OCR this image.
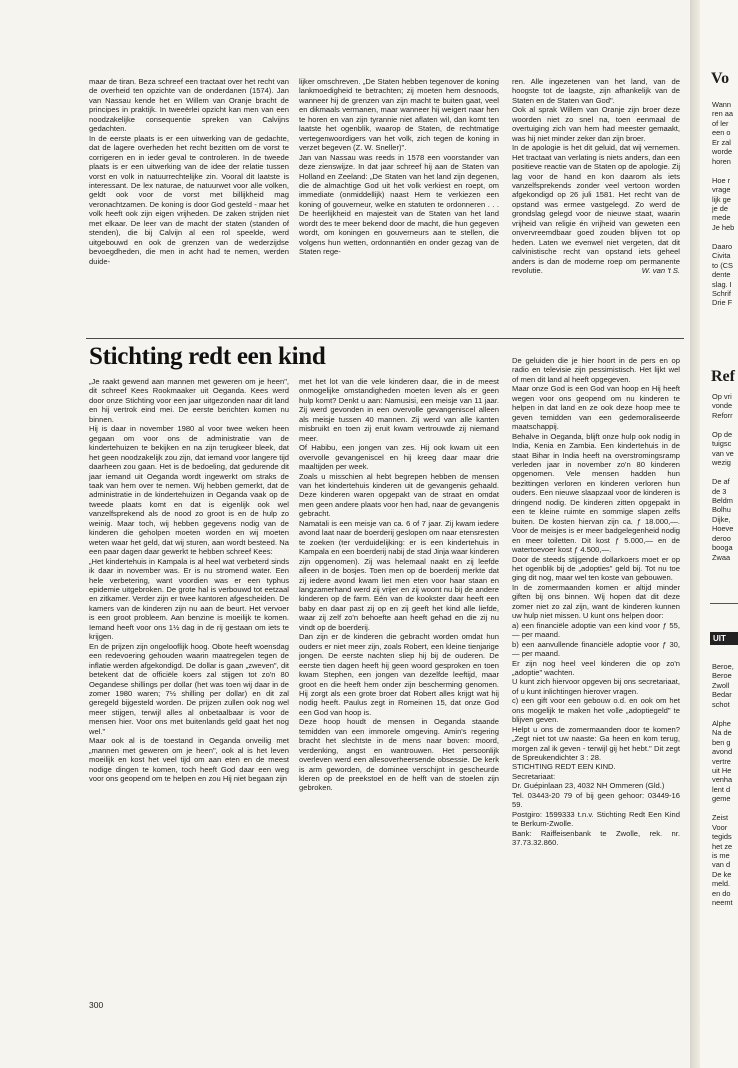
maar de tiran. Beza schreef een tractaat over het recht van de overheid ten opzichte van de onderdanen (1574). Jan van Nassau kende het en Willem van Oranje bracht de principes in praktijk. In tweeërlei opzicht kan men van een noodzakelijke consequentie spreken van Calvijns gedachten.

In de eerste plaats is er een uitwerking van de gedachte, dat de lagere overheden het recht bezitten om de vorst te corrigeren en in ieder geval te controleren. In de tweede plaats is er een uitwerking van de idee der relatie tussen vorst en volk in natuurrechtelijke zin. Vooral dit laatste is interessant. De lex naturae, de natuurwet voor alle volken, geldt ook voor de vorst met billijkheid mag veronachtzamen. De koning is door God gesteld - maar het volk heeft ook zijn eigen vrijheden. De zaken strijden niet met elkaar. De leer van de macht der staten (standen of stenden), die bij Calvijn al een rol speelde, werd uitgebouwd en ook de grenzen van de wederzijdse bevoegdheden, die men in acht had te nemen, werden duide-

lijker omschreven. „De Staten hebben tegenover de koning lankmoedigheid te betrachten; zij moeten hem desnoods, wanneer hij de grenzen van zijn macht te buiten gaat, veel en dikmaals vermanen, maar wanneer hij weigert naar hen te horen en van zijn tyrannie niet aflaten wil, dan komt ten laatste het ogenblik, waarop de Staten, de rechtmatige vertegenwoordigers van het volk, zich tegen de koning in verzet begeven (Z. W. Sneller)".

Jan van Nassau was reeds in 1578 een voorstander van deze zienswijze. In dat jaar schreef hij aan de Staten van Holland en Zeeland: „De Staten van het land zijn degenen, die de almachtige God uit het volk verkiest en roept, om immediate (onmiddellijk) naast Hem te verkiezen een koning of gouverneur, welke en statuten te ordonneren . . . De heerlijkheid en majesteit van de Staten van het land wordt des te meer bekend door de macht, die hun gegeven wordt, om koningen en gouverneurs aan te stellen, die volgens hun wetten, ordonnantiën en onder gezag van de Staten rege-

ren. Alle ingezetenen van het land, van de hoogste tot de laagste, zijn afhankelijk van de Staten en de Staten van God".

Ook al sprak Willem van Oranje zijn broer deze woorden niet zo snel na, toen eenmaal de overtuiging zich van hem had meester gemaakt, was hij niet minder zeker dan zijn broer.

In de apologie is het dit geluid, dat wij vernemen. Het tractaat van verlating is niets anders, dan een positieve reactie van de Staten op de apologie. Zij lag voor de hand en kon daarom als iets vanzelfsprekends zonder veel vertoon worden afgekondigd op 26 juli 1581. Het recht van de opstand was ermee vastgelegd. Zo werd de grondslag gelegd voor de nieuwe staat, waarin vrijheid van religie én vrijheid van geweten een onvervreemdbaar goed zouden blijven tot op heden. Laten we evenwel niet vergeten, dat dit calvinistische recht van opstand iets geheel anders is dan de moderne roep om permanente revolutie.	W. van 't S.

Stichting redt een kind

„Je raakt gewend aan mannen met geweren om je heen", dit schreef Kees Rookmaaker uit Oeganda. Kees werd door onze Stichting voor een jaar uitgezonden naar dit land en hij vertrok eind mei. De eerste berichten komen nu binnen.

Hij is daar in november 1980 al voor twee weken heen gegaan om voor ons de administratie van de kindertehuizen te bekijken en na zijn terugkeer bleek, dat het geen noodzakelijk zou zijn, dat iemand voor langere tijd daarheen zou gaan. Het is de bedoeling, dat gedurende dit jaar iemand uit Oeganda wordt ingewerkt om straks de taak van hem over te nemen. Wij hebben gemerkt, dat de administratie in de kindertehuizen in Oeganda vaak op de tweede plaats komt en dat is eigenlijk ook wel vanzelfsprekend als de nood zo groot is en de hulp zo weinig. Maar toch, wij hebben gegevens nodig van de kinderen die geholpen moeten worden en wij moeten weten waar het geld, dat wij sturen, aan wordt besteed. Na een paar dagen daar gewerkt te hebben schreef Kees:

„Het kindertehuis in Kampala is al heel wat verbeterd sinds ik daar in november was. Er is nu stromend water. Een hele verbetering, want voordien was er een typhus epidemie uitgebroken. De grote hal is verbouwd tot eetzaal en zitkamer. Verder zijn er twee kantoren afgescheiden. De kamers van de kinderen zijn nu aan de beurt. Het vervoer is een groot probleem. Aan benzine is moeilijk te komen. Iemand heeft voor ons 1½ dag in de rij gestaan om iets te krijgen.

En de prijzen zijn ongelooflijk hoog. Obote heeft woensdag een redevoering gehouden waarin maatregelen tegen de inflatie werden afgekondigd. De dollar is gaan „zweven", dit betekent dat de officiële koers zal stijgen tot zo'n 80 Oegandese shillings per dollar (het was toen wij daar in de zomer 1980 waren; 7½ shilling per dollar) en dit zal geregeld bijgesteld worden. De prijzen zullen ook nog wel meer stijgen, terwijl alles al onbetaalbaar is voor de mensen hier. Voor ons met buitenlands geld gaat het nog wel."

Maar ook al is de toestand in Oeganda onveilig met „mannen met geweren om je heen", ook al is het leven moeilijk en kost het veel tijd om aan eten en de meest nodige dingen te komen, toch heeft God daar een weg voor ons geopend om te helpen en zou Hij niet begaan zijn

met het lot van die vele kinderen daar, die in de meest onmogelijke omstandigheden moeten leven als er geen hulp komt? Denkt u aan: Namusisi, een meisje van 11 jaar. Zij werd gevonden in een overvolle gevangeniscel alleen als meisje tussen 40 mannen. Zij werd van alle kanten misbruikt en toen zij eruit kwam vertrouwde zij niemand meer.

Of Habibu, een jongen van zes. Hij ook kwam uit een overvolle gevangeniscel en hij kreeg daar maar drie maaltijden per week.

Zoals u misschien al hebt begrepen hebben de mensen van het kindertehuis kinderen uit de gevangenis gehaald. Deze kinderen waren opgepakt van de straat en omdat men geen andere plaats voor hen had, naar de gevangenis gebracht.

Namatali is een meisje van ca. 6 of 7 jaar. Zij kwam iedere avond laat naar de boerderij geslopen om naar etensresten te zoeken (ter verduidelijking: er is een kindertehuis in Kampala en een boerderij nabij de stad Jinja waar kinderen zijn opgenomen). Zij was helemaal naakt en zij leefde alleen in de bosjes. Toen men op de boerderij merkte dat zij iedere avond kwam liet men eten voor haar staan en langzamerhand werd zij vrijer en zij woont nu bij de andere kinderen op de farm. Eén van de kookster daar heeft een baby en daar past zij op en zij geeft het kind alle liefde, waar zij zelf zo'n behoefte aan heeft gehad en die zij nu vindt op de boerderij.

Dan zijn er de kinderen die gebracht worden omdat hun ouders er niet meer zijn, zoals Robert, een kleine tienjarige jongen. De eerste nachten sliep hij bij de ouderen. De eerste tien dagen heeft hij geen woord gesproken en toen kwam Stephen, een jongen van dezelfde leeftijd, maar groot en die heeft hem onder zijn bescherming genomen. Hij zorgt als een grote broer dat Robert alles krijgt wat hij nodig heeft. Paulus zegt in Romeinen 15, dat onze God een God van hoop is.

Deze hoop houdt de mensen in Oeganda staande temidden van een immorele omgeving. Amin's regering bracht het slechtste in de mens naar boven: moord, verdenking, angst en wantrouwen. Het persoonlijk overleven werd een allesoverheersende obsessie. De kerk is arm geworden, de dominee verschijnt in gescheurde kleren op de preekstoel en de helft van de stoelen zijn gebroken.

De geluiden die je hier hoort in de pers en op radio en televisie zijn pessimistisch. Het lijkt wel of men dit land al heeft opgegeven.

Maar onze God is een God van hoop en Hij heeft wegen voor ons geopend om nu kinderen te helpen in dat land en ze ook deze hoop mee te geven temidden van een gedemoraliseerde maatschappij.

Behalve in Oeganda, blijft onze hulp ook nodig in India, Kenia en Zambia. Een kindertehuis in de staat Bihar in India heeft na overstromingsramp verleden jaar in november zo'n 80 kinderen opgenomen. Vele mensen hadden hun bezittingen verloren en kinderen verloren hun ouders. Een nieuwe slaapzaal voor de kinderen is dringend nodig. De kinderen zitten opgepakt in een te kleine ruimte en sommige slapen zelfs buiten. De kosten hiervan zijn ca. ƒ 18.000,—. Voor de meisjes is er meer badgelegenheid nodig en meer toiletten. Dit kost ƒ 5.000,— en de watertoevoer kost ƒ 4.500,—.

Door de steeds stijgende dollarkoers moet er op het ogenblik bij de „adopties" geld bij. Tot nu toe ging dit nog, maar wel ten koste van gebouwen.

In de zomermaanden komen er altijd minder giften bij ons binnen. Wij hopen dat dit deze zomer niet zo zal zijn, want de kinderen kunnen uw hulp niet missen. U kunt ons helpen door:

a) een financiële adoptie van een kind voor ƒ 55,— per maand.

b) een aanvullende financiële adoptie voor ƒ 30,— per maand.

Er zijn nog heel veel kinderen die op zo'n „adoptie" wachten.

U kunt zich hiervoor opgeven bij ons secretariaat, of u kunt inlichtingen hierover vragen.

c) een gift voor een gebouw o.d. en ook om het ons mogelijk te maken het volle „adoptiegeld" te blijven geven.

Helpt u ons de zomermaanden door te komen? „Zegt niet tot uw naaste: Ga heen en kom terug, morgen zal ik geven - terwijl gij het hebt." Dit zegt de Spreukendichter 3 : 28.

STICHTING REDT EEN KIND.

Secretariaat:

Dr. Guépinlaan 23, 4032 NH Ommeren (Gld.)

Tel. 03443-20 79 of bij geen gehoor: 03449-16 59.

Postgiro: 1599333 t.n.v. Stichting Redt Een Kind te Berkum-Zwolle.

Bank: Raiffeisenbank te Zwolle, rek. nr. 37.73.32.860.

300
Vo
Wann
ren aa
of ler
een o
Er zal
worde
horen
Hoe r
vrage
lijk ge
je de
mede
Je heb
Daaro
Civita
to (CS
dente
slag. I
Schrif
Drie F
Ref
Op vri
vonde
Reforr
Op de
tuigsc
van ve
wezig
De af
de 3
Beldm
Bolhu
Dijke,
Hoeve
deroo
booga
Zwaa
UIT
Beroe,
Beroe
Zwoll
Bedar
schot
Alphe
Na de
ben g
avond
vertre
uit He
venha
lent d
geme
Zeist
Voor
tegids
het ze
is me
van d
De ke
meld.
en do
neemt
